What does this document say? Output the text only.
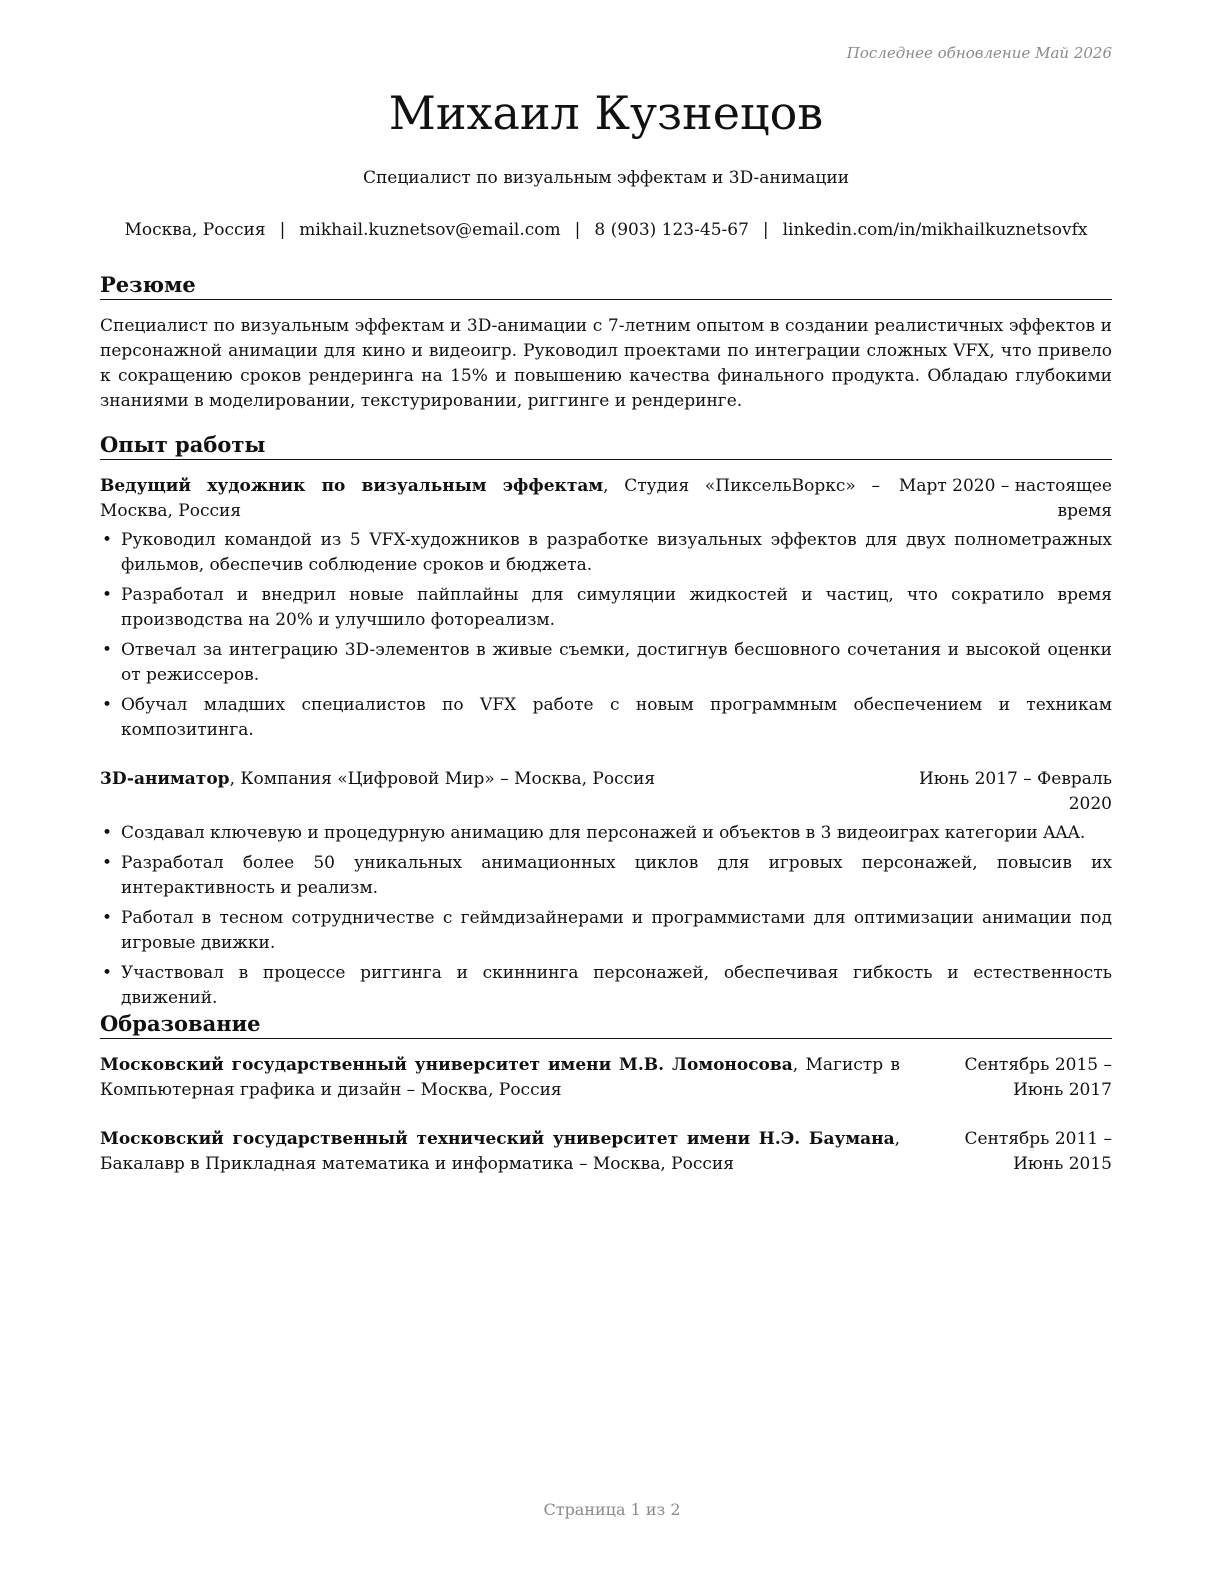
Последнее обновление Май 2026
Михаил Кузнецов
Специалист по визуальным эффектам и 3D-анимации
Москва, Россия | mikhail.kuznetsov@email.com | 8 (903) 123-45-67 | linkedin.com/in/mikhailkuznetsovfx
Резюме

Специалист по визуальным эффектам и 3D-анимации с 7-летним опытом в создании реалистичных эффектов и персонажной анимации для кино и видеоигр. Руководил проектами по интеграции сложных VFX, что привело к сокращению сроков рендеринга на 15% и повышению качества финального продукта. Обладаю глубокими знаниями в моделировании, текстурировании, риггинге и рендеринге.

Опыт работы
Ведущий художник по визуальным эффектам, Студия «ПиксельВоркс» – Москва, Россия
Март 2020 – настоящее время
• Руководил командой из 5 VFX-художников в разработке визуальных эффектов для двух полнометражных фильмов, обеспечив соблюдение сроков и бюджета.
• Разработал и внедрил новые пайплайны для симуляции жидкостей и частиц, что сократило время производства на 20% и улучшило фотореализм.
• Отвечал за интеграцию 3D-элементов в живые съемки, достигнув бесшовного сочетания и высокой оценки от режиссеров.
• Обучал младших специалистов по VFX работе с новым программным обеспечением и техникам композитинга.
3D-аниматор, Компания «Цифровой Мир» – Москва, Россия	Июнь 2017 – Февраль 2020
• Создавал ключевую и процедурную анимацию для персонажей и объектов в 3 видеоиграх категории AAA.
• Разработал более 50 уникальных анимационных циклов для игровых персонажей, повысив их интерактивность и реализм.
• Работал в тесном сотрудничестве с геймдизайнерами и программистами для оптимизации анимации под игровые движки.
• Участвовал в процессе риггинга и скиннинга персонажей, обеспечивая гибкость и естественность движений.
Образование
Московский государственный университет имени М.В. Ломоносова, Магистр в Компьютерная графика и дизайн – Москва, Россия
Сентябрь 2015 – Июнь 2017
Московский государственный технический университет имени Н.Э. Баумана, Бакалавр в Прикладная математика и информатика – Москва, Россия
Сентябрь 2011 – Июнь 2015
Страница 1 из 2
